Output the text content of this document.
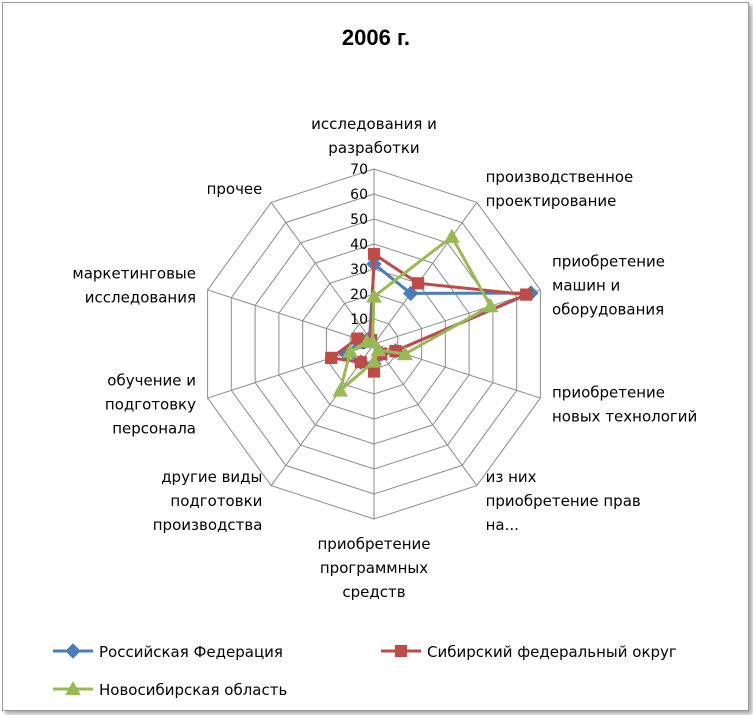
2006 г.
10
20
30
40
50
60
70
исследования и разработки
производственное проектирование
приобретение машин и оборудования
приобретение новых технологий
из них приобретение прав на...
приобретение программных средств
другие виды подготовки производства
обучение и подготовку персонала
маркетинговые исследования
прочее
Российская Федерация	Сибирский федеральный округ
Новосибирская область
